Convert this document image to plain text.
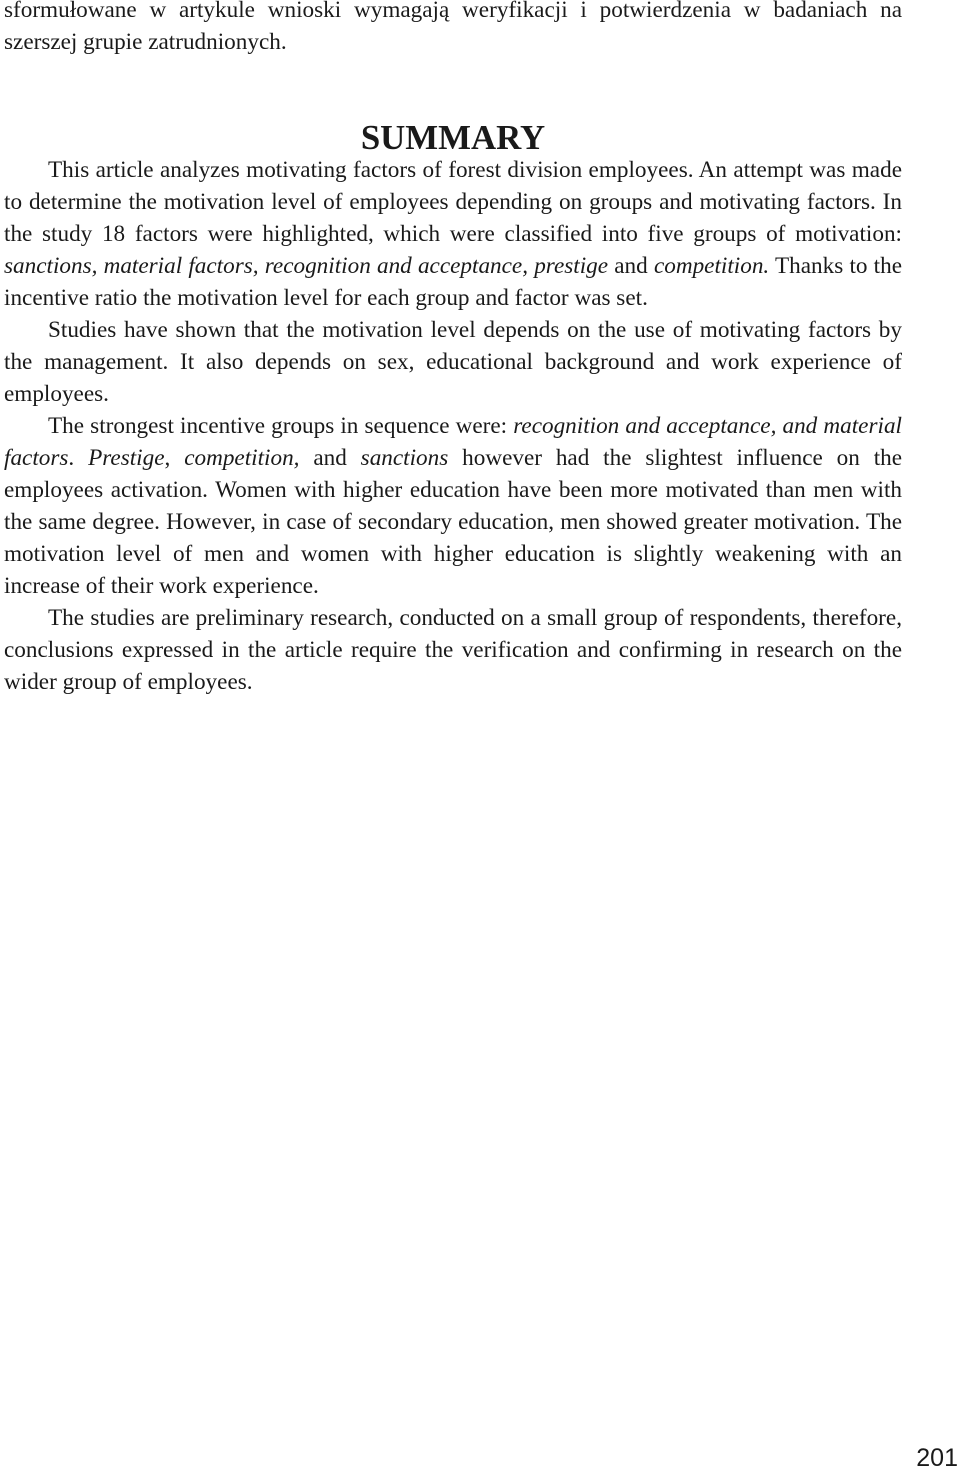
sformułowane w artykule wnioski wymagają weryfikacji i potwierdzenia w badaniach na szerszej grupie zatrudnionych.

SUMMARY

This article analyzes motivating factors of forest division employees. An attempt was made to determine the motivation level of employees depending on groups and motivating factors. In the study 18 factors were highlighted, which were classified into five groups of motivation: sanctions, material factors, recognition and acceptance, prestige and competition. Thanks to the incentive ratio the motivation level for each group and factor was set.

Studies have shown that the motivation level depends on the use of motivating factors by the management. It also depends on sex, educational background and work experience of employees.

The strongest incentive groups in sequence were: recognition and acceptance, and material factors. Prestige, competition, and sanctions however had the slightest influence on the employees activation. Women with higher education have been more motivated than men with the same degree. However, in case of secondary education, men showed greater motivation. The motivation level of men and women with higher education is slightly weakening with an increase of their work experience.

The studies are preliminary research, conducted on a small group of respondents, therefore, conclusions expressed in the article require the verification and confirming in research on the wider group of employees.

201
